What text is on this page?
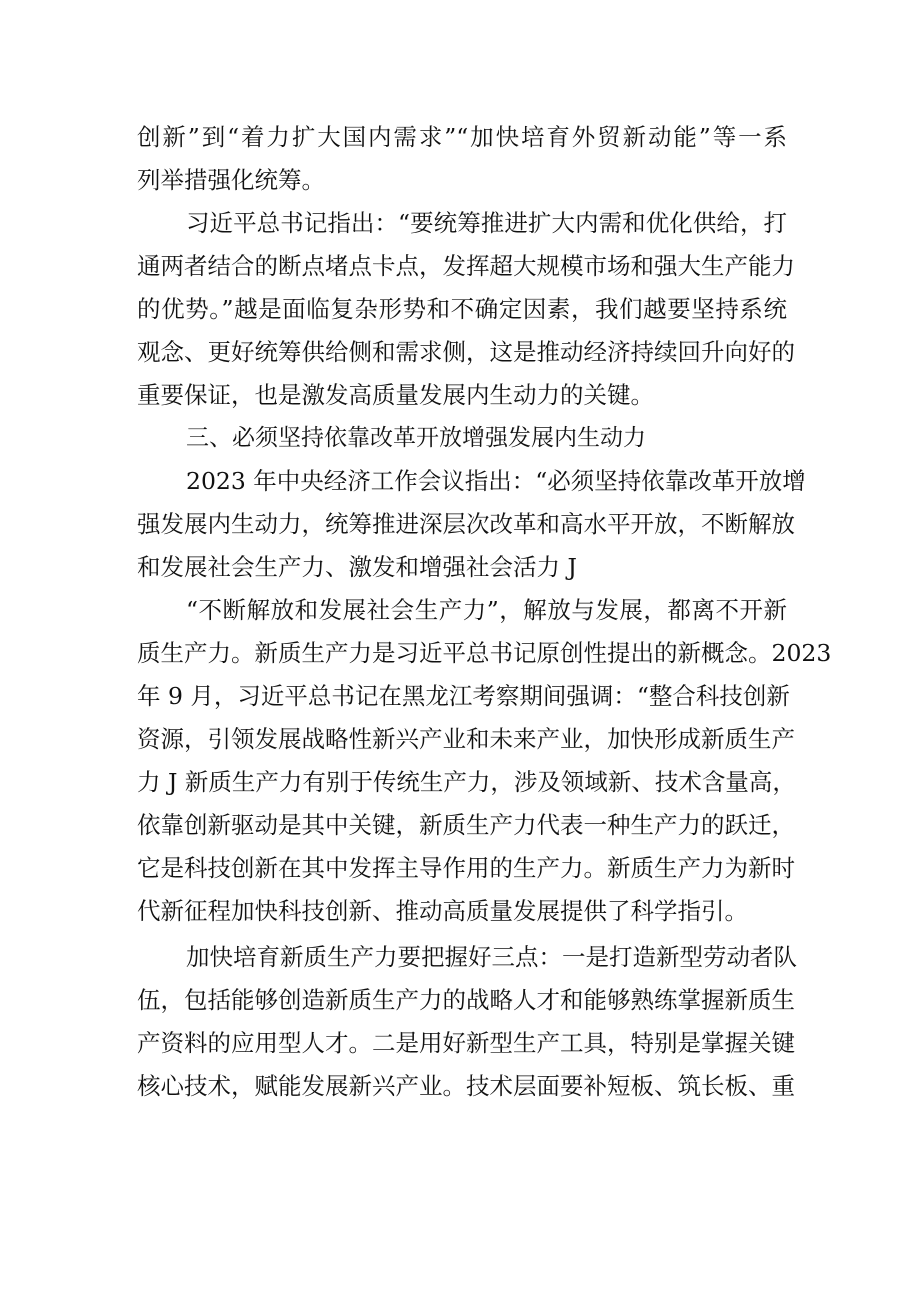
创新”到“着力扩大国内需求”“加快培育外贸新动能”等一系
列举措强化统筹。
习近平总书记指出：“要统筹推进扩大内需和优化供给，打
通两者结合的断点堵点卡点，发挥超大规模市场和强大生产能力
的优势。”越是面临复杂形势和不确定因素，我们越要坚持系统
观念、更好统筹供给侧和需求侧，这是推动经济持续回升向好的
重要保证，也是激发高质量发展内生动力的关键。
三、必须坚持依靠改革开放增强发展内生动力
2023 年中央经济工作会议指出：“必须坚持依靠改革开放增
强发展内生动力，统筹推进深层次改革和高水平开放，不断解放
和发展社会生产力、激发和增强社会活力 J
“不断解放和发展社会生产力”，解放与发展，都离不开新
质生产力。新质生产力是习近平总书记原创性提出的新概念。2023
年 9 月，习近平总书记在黑龙江考察期间强调：“整合科技创新
资源，引领发展战略性新兴产业和未来产业，加快形成新质生产
力 J 新质生产力有别于传统生产力，涉及领域新、技术含量高，
依靠创新驱动是其中关键，新质生产力代表一种生产力的跃迁，
它是科技创新在其中发挥主导作用的生产力。新质生产力为新时
代新征程加快科技创新、推动高质量发展提供了科学指引。
加快培育新质生产力要把握好三点：一是打造新型劳动者队
伍，包括能够创造新质生产力的战略人才和能够熟练掌握新质生
产资料的应用型人才。二是用好新型生产工具，特别是掌握关键
核心技术，赋能发展新兴产业。技术层面要补短板、筑长板、重
